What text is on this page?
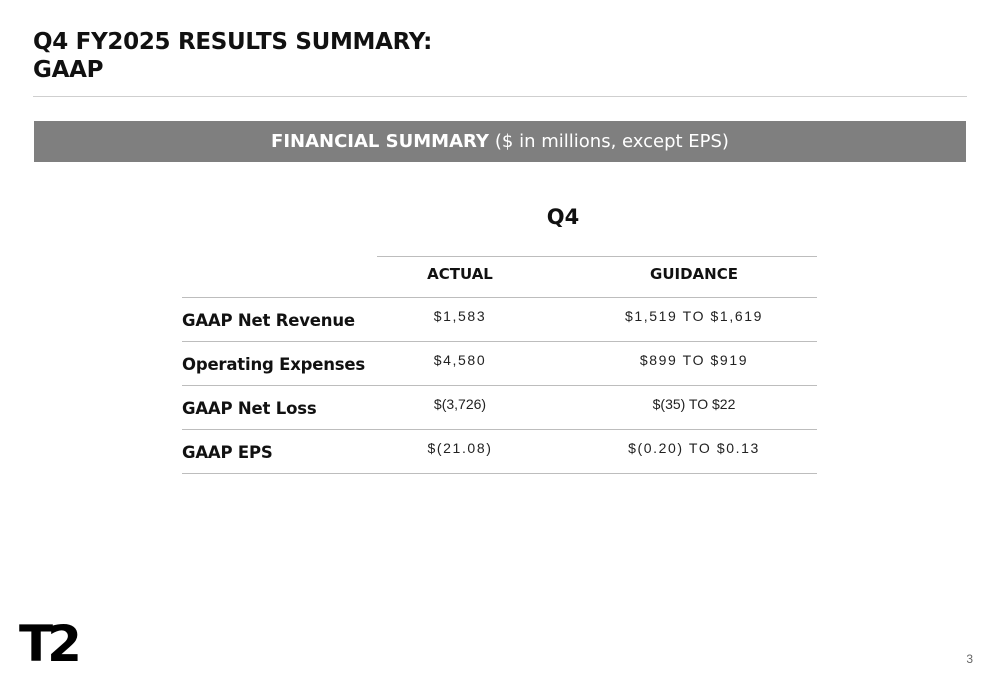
Q4 FY2025 RESULTS SUMMARY:
GAAP
FINANCIAL SUMMARY ($ in millions, except EPS)
Q4
ACTUAL	GUIDANCE
GAAP Net Revenue	$1,583	$1,519 TO $1,619
Operating Expenses	$4,580	$899 TO $919
GAAP Net Loss	$(3,726)	$(35) TO $22
GAAP EPS	$(21.08)	$(0.20) TO $0.13
T2	3
